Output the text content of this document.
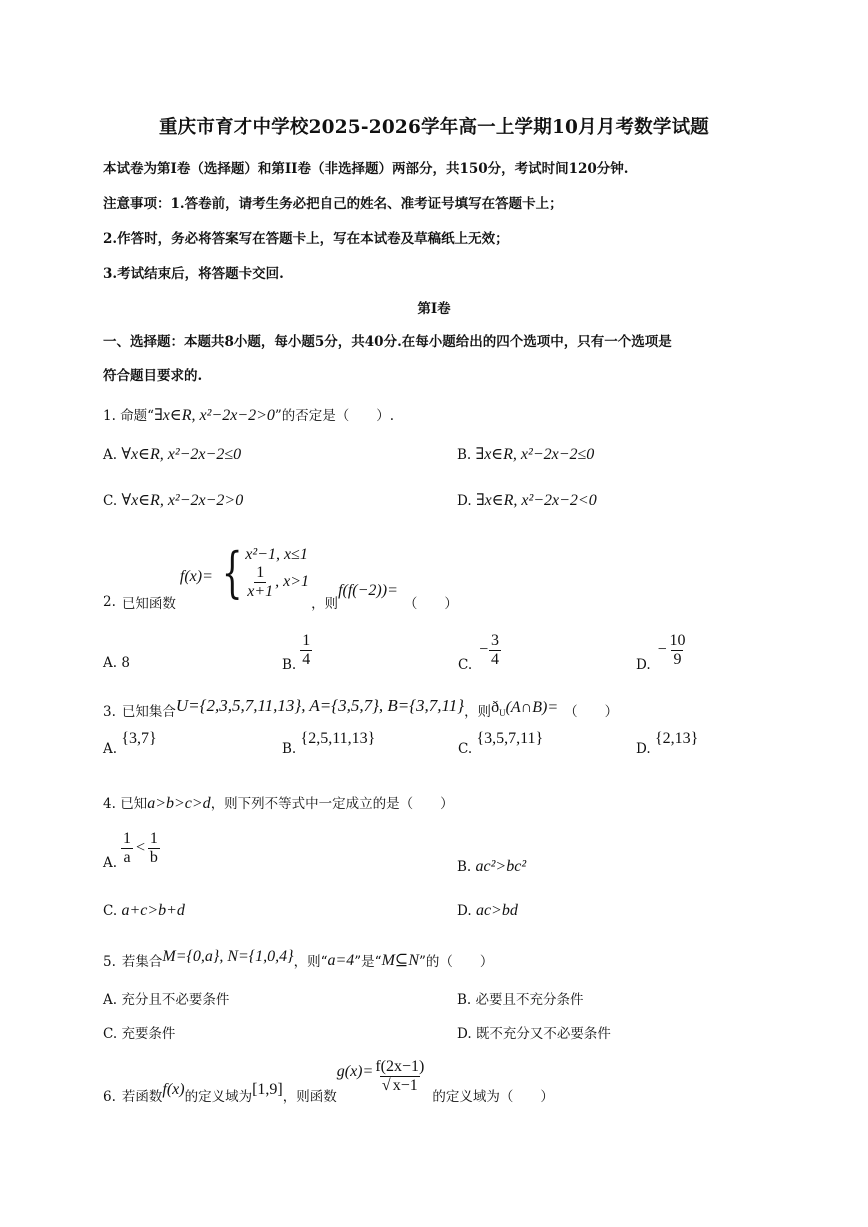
重庆市育才中学校2025-2026学年高一上学期10月月考数学试题
本试卷为第I卷（选择题）和第II卷（非选择题）两部分，共150分，考试时间120分钟.
注意事项：1.答卷前，请考生务必把自己的姓名、准考证号填写在答题卡上；
2.作答时，务必将答案写在答题卡上，写在本试卷及草稿纸上无效；
3.考试结束后，将答题卡交回.
第I卷
一、选择题：本题共8小题，每小题5分，共40分.在每小题给出的四个选项中，只有一个选项是
符合题目要求的.
1. 命题“∃x∈R, x²−2x−2>0”的否定是（　　）.
A. ∀x∈R, x²−2x−2≤0	B. ∃x∈R, x²−2x−2≤0
C. ∀x∈R, x²−2x−2>0	D. ∃x∈R, x²−2x−2<0
2. 已知函数
f(x)= { x²−1, x≤1
$\frac{1}{x+1}$ , x>1
，则
f(f(−2))=
（　　）
A. 8	B. $\frac{1}{4}$	C.
− $\frac{3}{4}$	D.
− $\frac{10}{9}$
3. 已知集合 U={2,3,5,7,11,13}, A={3,5,7}, B={3,7,11} ，则 $ð_U(A\cap B)=$ （　　）
A. {3,7}
B. {2,5,11,13}
C. {3,5,7,11}
D. {2,13}
4. 已知a>b>c>d，则下列不等式中一定成立的是（　　）
A. $\frac{1}{a} < \frac{1}{b}$	B. ac²>bc²
C. a+c>b+d	D. ac>bd
5. 若集合 M={0,a}, N={1,0,4} ，则“ a=4 ”是“ M⊆N ”的（　　）
A. 充分且不必要条件	B. 必要且不充分条件
C. 充要条件	D. 既不充分又不必要条件
6. 若函数 f(x) 的定义域为 [1,9] ，则函数
$g(x)= \frac{f(2x-1)}{√ x-1}$
的定义域为（　　）
